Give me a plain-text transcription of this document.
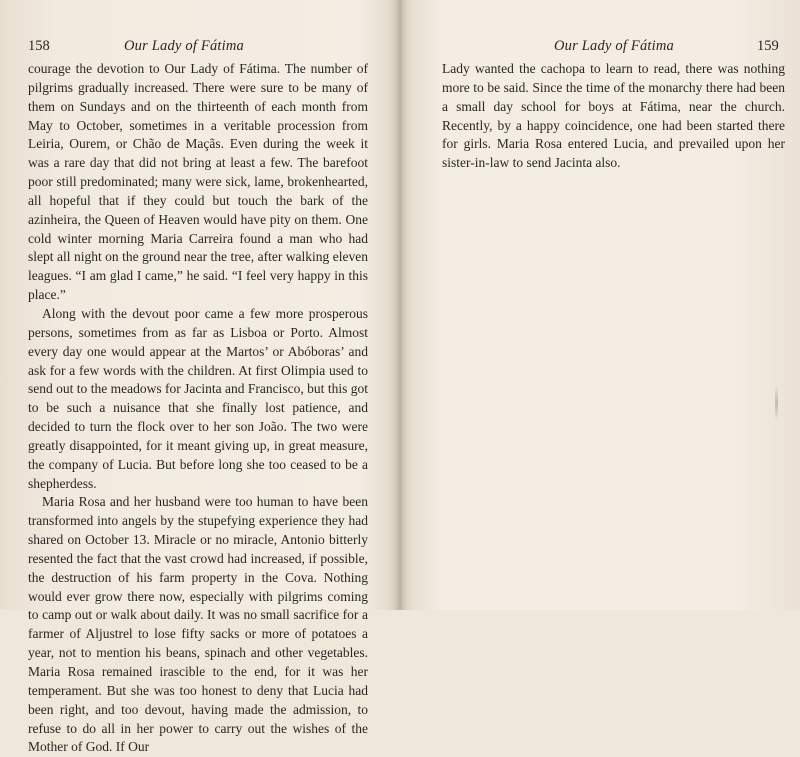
158	Our Lady of Fátima

courage the devotion to Our Lady of Fátima. The number of pilgrims gradually increased. There were sure to be many of them on Sundays and on the thirteenth of each month from May to October, sometimes in a veritable procession from Leiria, Ourem, or Chão de Maçãs. Even during the week it was a rare day that did not bring at least a few. The barefoot poor still predominated; many were sick, lame, brokenhearted, all hopeful that if they could but touch the bark of the azinheira, the Queen of Heaven would have pity on them. One cold winter morning Maria Carreira found a man who had slept all night on the ground near the tree, after walking eleven leagues. “I am glad I came,” he said. “I feel very happy in this place.”

Along with the devout poor came a few more prosperous persons, sometimes from as far as Lisboa or Porto. Almost every day one would appear at the Martos’ or Abóboras’ and ask for a few words with the children. At first Olimpia used to send out to the meadows for Jacinta and Francisco, but this got to be such a nuisance that she finally lost patience, and decided to turn the flock over to her son João. The two were greatly disappointed, for it meant giving up, in great measure, the company of Lucia. But before long she too ceased to be a shepherdess.

Maria Rosa and her husband were too human to have been transformed into angels by the stupefying experience they had shared on October 13. Miracle or no miracle, Antonio bitterly resented the fact that the vast crowd had increased, if possible, the destruction of his farm property in the Cova. Nothing would ever grow there now, especially with pilgrims coming to camp out or walk about daily. It was no small sacrifice for a farmer of Aljustrel to lose fifty sacks or more of potatoes a year, not to mention his beans, spinach and other vegetables. Maria Rosa remained irascible to the end, for it was her temperament. But she was too honest to deny that Lucia had been right, and too devout, having made the admission, to refuse to do all in her power to carry out the wishes of the Mother of God. If Our

Our Lady of Fátima	159

Lady wanted the cachopa to learn to read, there was nothing more to be said. Since the time of the monarchy there had been a small day school for boys at Fátima, near the church. Recently, by a happy coincidence, one had been started there for girls. Maria Rosa entered Lucia, and prevailed upon her sister-in-law to send Jacinta also.
